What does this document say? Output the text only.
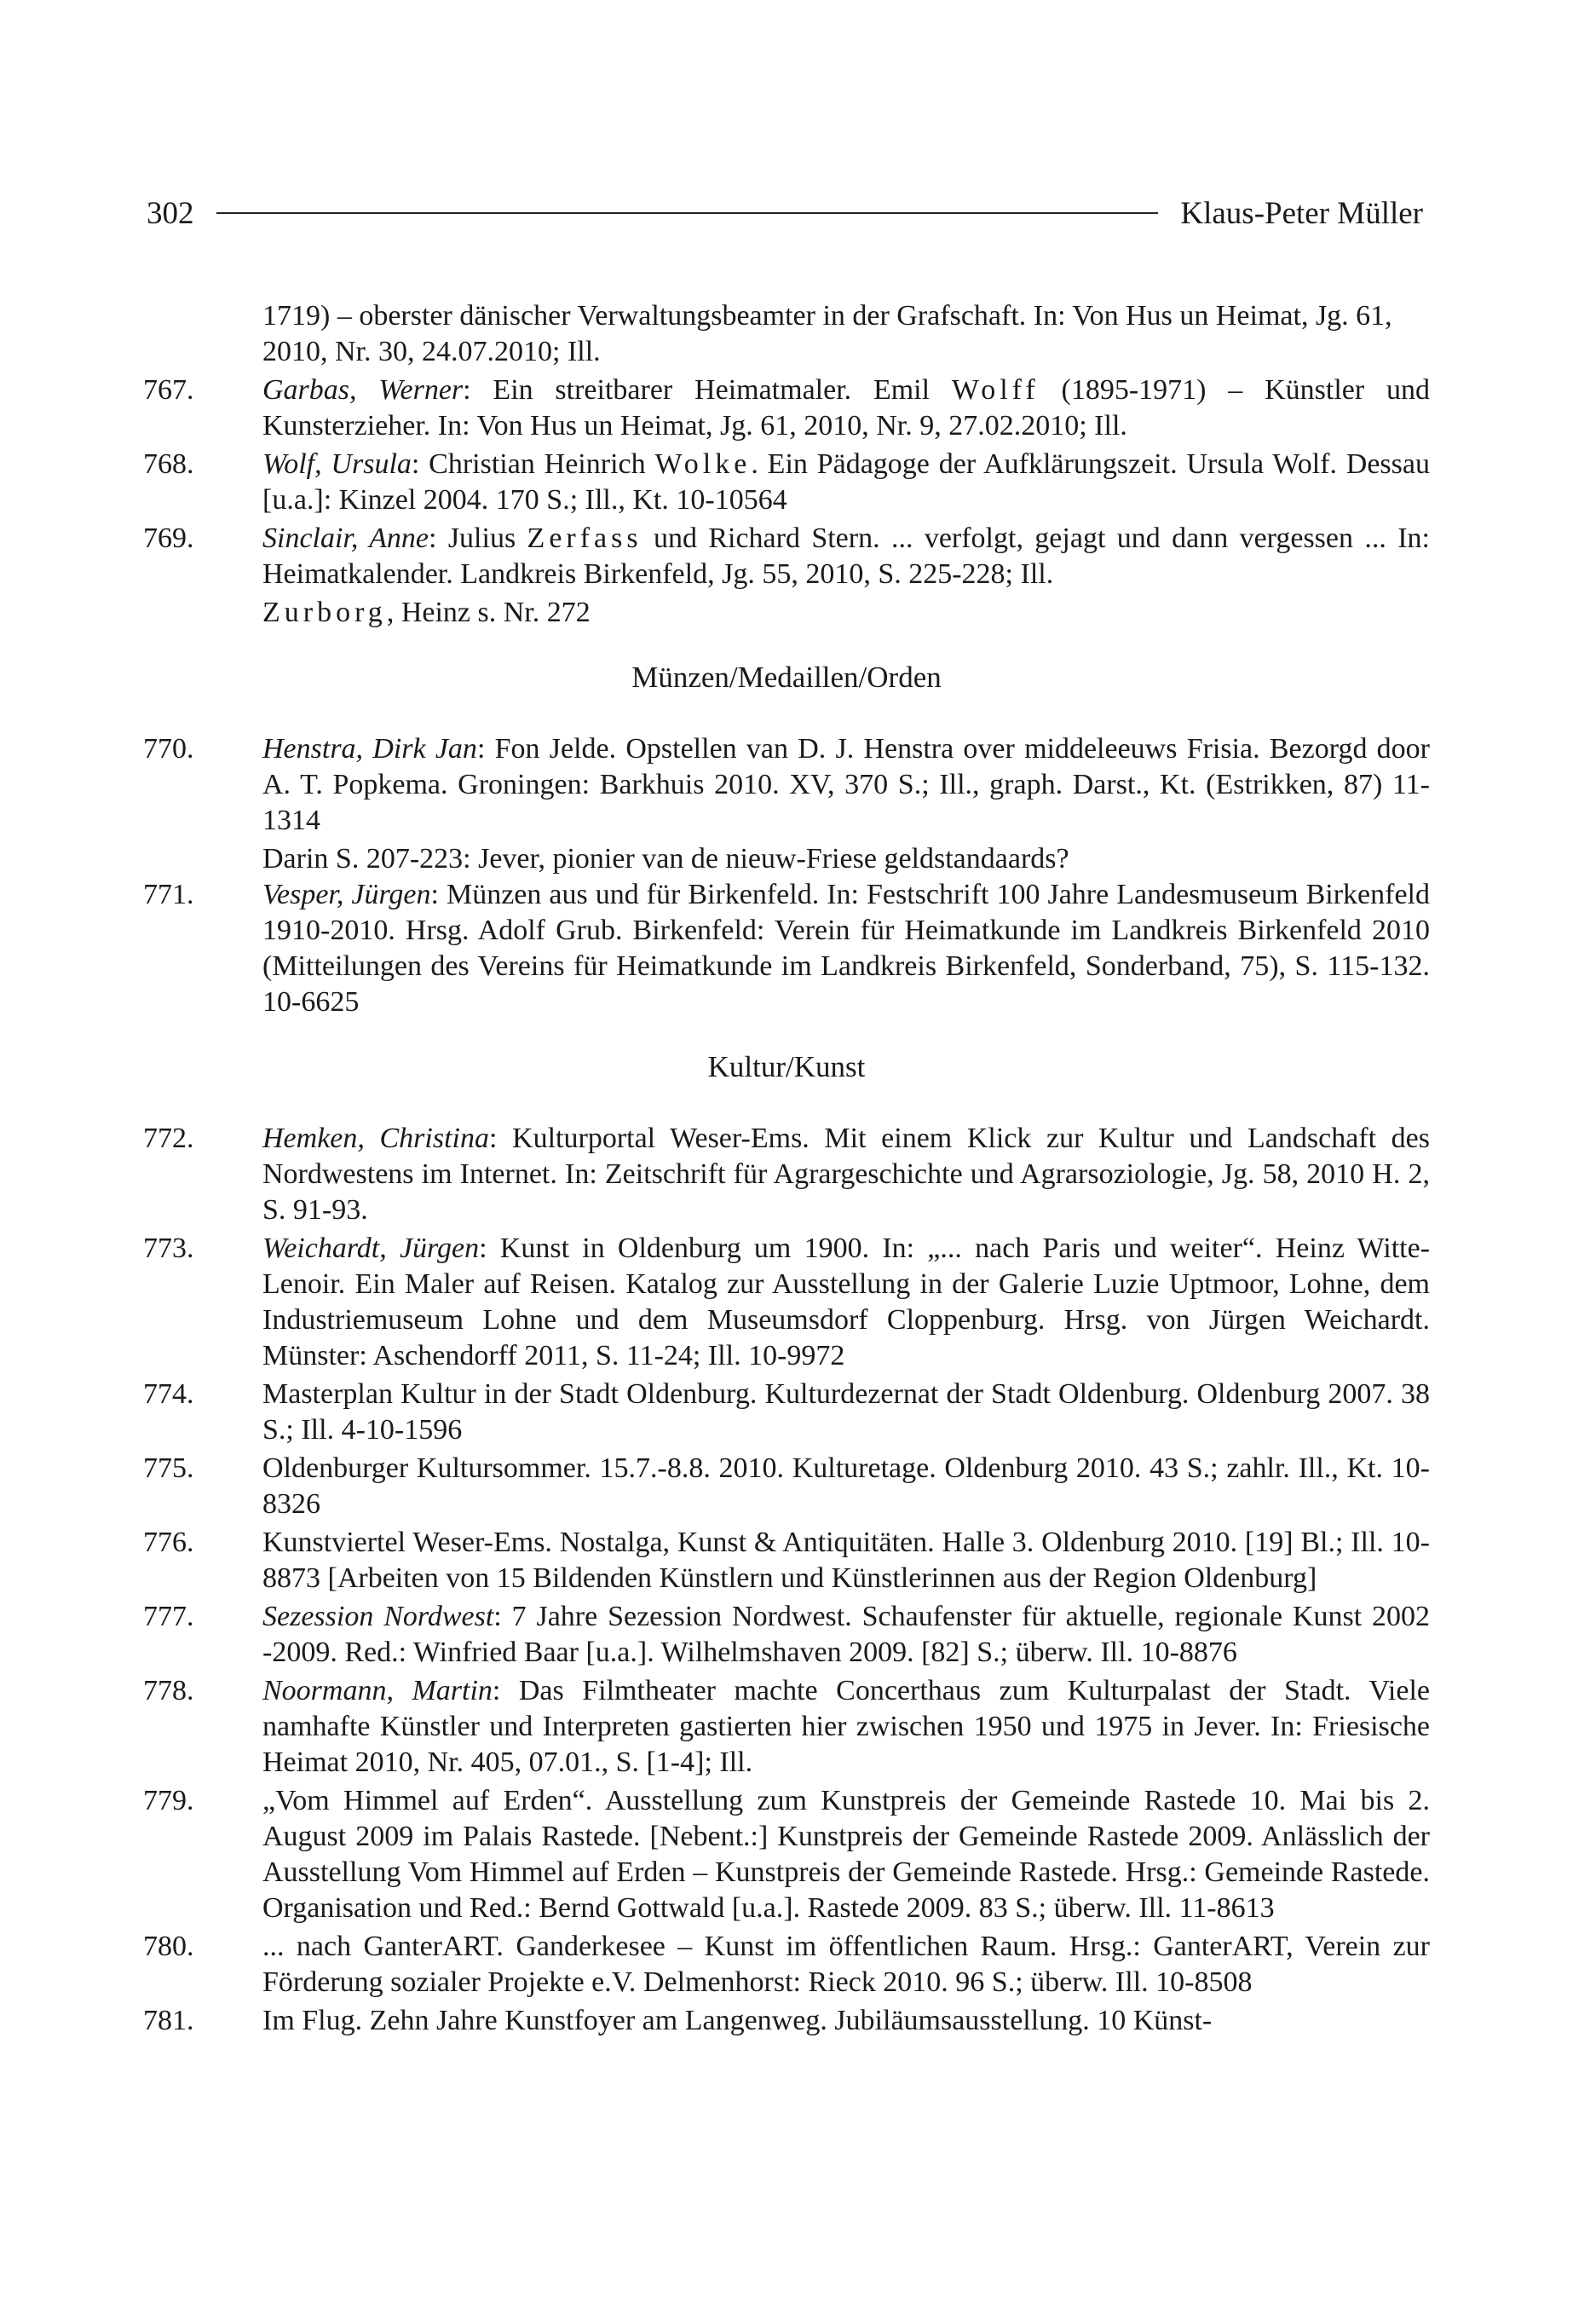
302	Klaus-Peter Müller
1719) – oberster dänischer Verwaltungsbeamter in der Grafschaft. In: Von Hus un Heimat, Jg. 61, 2010, Nr. 30, 24.07.2010; Ill.
767.	Garbas, Werner: Ein streitbarer Heimatmaler. Emil Wolff (1895-1971) – Künstler und Kunsterzieher. In: Von Hus un Heimat, Jg. 61, 2010, Nr. 9, 27.02.2010; Ill.
768.	Wolf, Ursula: Christian Heinrich Wolke. Ein Pädagoge der Aufklärungszeit. Ursula Wolf. Dessau [u.a.]: Kinzel 2004. 170 S.; Ill., Kt. 10-10564
769.	Sinclair, Anne: Julius Zerfass und Richard Stern. ... verfolgt, gejagt und dann vergessen ... In: Heimatkalender. Landkreis Birkenfeld, Jg. 55, 2010, S. 225-228; Ill.
Zurborg, Heinz s. Nr. 272
Münzen/Medaillen/Orden
770.	Henstra, Dirk Jan: Fon Jelde. Opstellen van D. J. Henstra over middeleeuws Frisia. Bezorgd door A. T. Popkema. Groningen: Barkhuis 2010. XV, 370 S.; Ill., graph. Darst., Kt. (Estrikken, 87) 11-1314
Darin S. 207-223: Jever, pionier van de nieuw-Friese geldstandaards?
771.	Vesper, Jürgen: Münzen aus und für Birkenfeld. In: Festschrift 100 Jahre Landesmuseum Birkenfeld 1910-2010. Hrsg. Adolf Grub. Birkenfeld: Verein für Heimatkunde im Landkreis Birkenfeld 2010 (Mitteilungen des Vereins für Heimatkunde im Landkreis Birkenfeld, Sonderband, 75), S. 115-132. 10-6625
Kultur/Kunst
772.	Hemken, Christina: Kulturportal Weser-Ems. Mit einem Klick zur Kultur und Landschaft des Nordwestens im Internet. In: Zeitschrift für Agrargeschichte und Agrarsoziologie, Jg. 58, 2010 H. 2, S. 91-93.
773.	Weichardt, Jürgen: Kunst in Oldenburg um 1900. In: „... nach Paris und weiter“. Heinz Witte-Lenoir. Ein Maler auf Reisen. Katalog zur Ausstellung in der Galerie Luzie Uptmoor, Lohne, dem Industriemuseum Lohne und dem Museumsdorf Cloppenburg. Hrsg. von Jürgen Weichardt. Münster: Aschendorff 2011, S. 11-24; Ill. 10-9972
774.	Masterplan Kultur in der Stadt Oldenburg. Kulturdezernat der Stadt Oldenburg. Oldenburg 2007. 38 S.; Ill. 4-10-1596
775.	Oldenburger Kultursommer. 15.7.-8.8. 2010. Kulturetage. Oldenburg 2010. 43 S.; zahlr. Ill., Kt. 10-8326
776.	Kunstviertel Weser-Ems. Nostalga, Kunst & Antiquitäten. Halle 3. Oldenburg 2010. [19] Bl.; Ill. 10-8873 [Arbeiten von 15 Bildenden Künstlern und Künstlerinnen aus der Region Oldenburg]
777.	Sezession Nordwest: 7 Jahre Sezession Nordwest. Schaufenster für aktuelle, regionale Kunst 2002 -2009. Red.: Winfried Baar [u.a.]. Wilhelmshaven 2009. [82] S.; überw. Ill. 10-8876
778.	Noormann, Martin: Das Filmtheater machte Concerthaus zum Kulturpalast der Stadt. Viele namhafte Künstler und Interpreten gastierten hier zwischen 1950 und 1975 in Jever. In: Friesische Heimat 2010, Nr. 405, 07.01., S. [1-4]; Ill.
779.	„Vom Himmel auf Erden“. Ausstellung zum Kunstpreis der Gemeinde Rastede 10. Mai bis 2. August 2009 im Palais Rastede. [Nebent.:] Kunstpreis der Gemeinde Rastede 2009. Anlässlich der Ausstellung Vom Himmel auf Erden – Kunstpreis der Gemeinde Rastede. Hrsg.: Gemeinde Rastede. Organisation und Red.: Bernd Gottwald [u.a.]. Rastede 2009. 83 S.; überw. Ill. 11-8613
780.	... nach GanterART. Ganderkesee – Kunst im öffentlichen Raum. Hrsg.: GanterART, Verein zur Förderung sozialer Projekte e.V. Delmenhorst: Rieck 2010. 96 S.; überw. Ill. 10-8508
781.	Im Flug. Zehn Jahre Kunstfoyer am Langenweg. Jubiläumsausstellung. 10 Künst-
